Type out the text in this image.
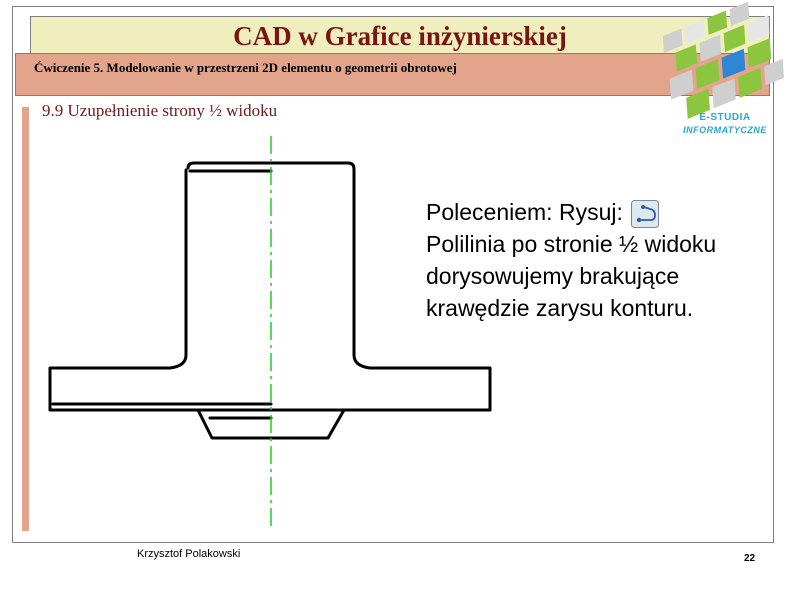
CAD w Grafice inżynierskiej
Ćwiczenie 5. Modelowanie w przestrzeni 2D elementu o geometrii obrotowej
9.9 Uzupełnienie strony ½ widoku	E-STUDIA
INFORMATYCZNE
Poleceniem: Rysuj:
Polilinia po stronie ½ widoku
dorysowujemy brakujące
krawędzie zarysu konturu.
Krzysztof Polakowski	22
